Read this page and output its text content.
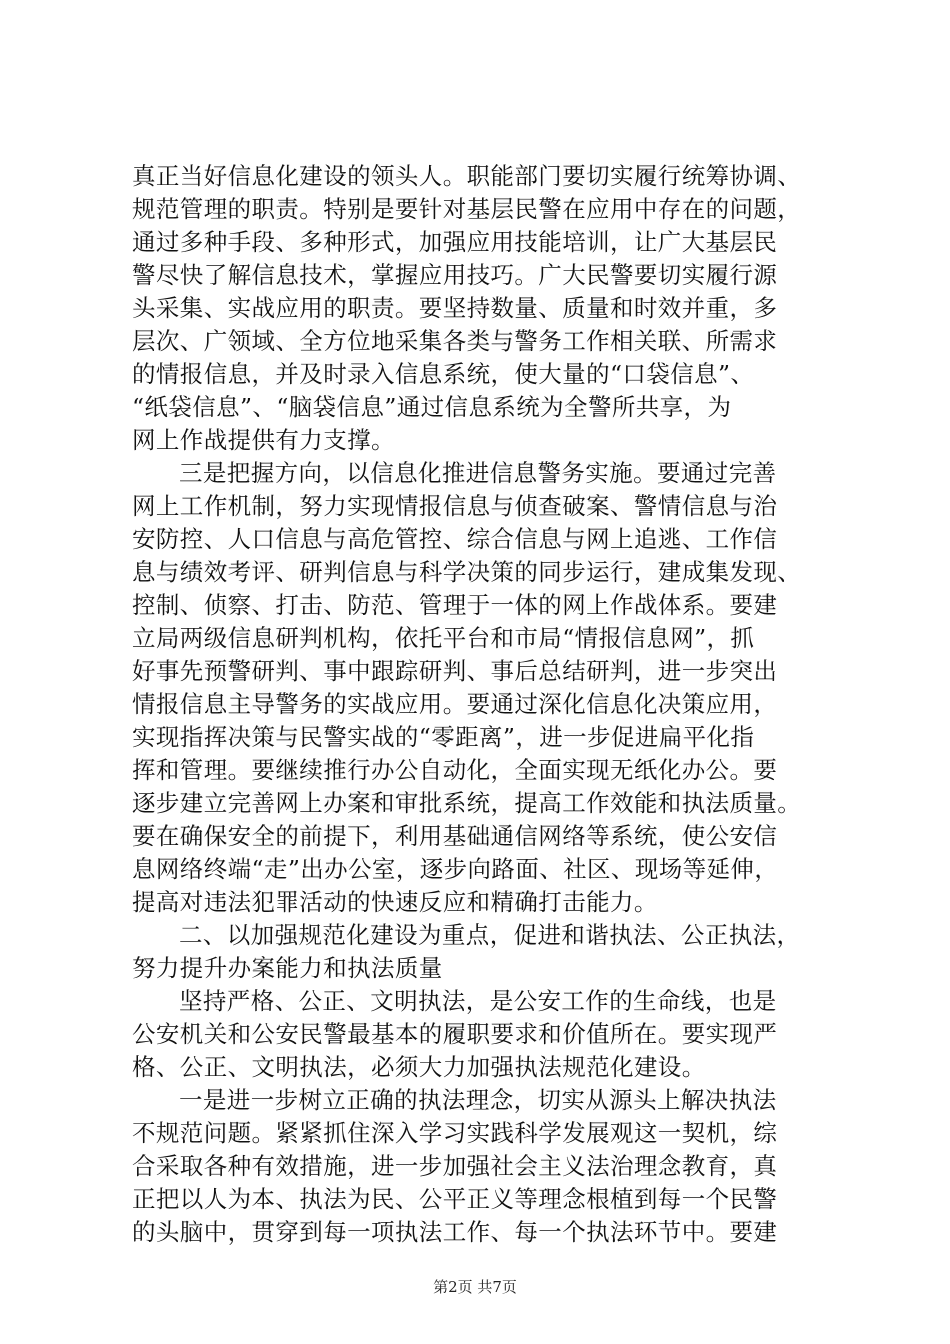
真正当好信息化建设的领头人。职能部门要切实履行统筹协调、
规范管理的职责。特别是要针对基层民警在应用中存在的问题，
通过多种手段、多种形式，加强应用技能培训，让广大基层民
警尽快了解信息技术，掌握应用技巧。广大民警要切实履行源
头采集、实战应用的职责。要坚持数量、质量和时效并重，多
层次、广领域、全方位地采集各类与警务工作相关联、所需求
的情报信息，并及时录入信息系统，使大量的“口袋信息”、
“纸袋信息”、“脑袋信息”通过信息系统为全警所共享，为
网上作战提供有力支撑。
三是把握方向，以信息化推进信息警务实施。要通过完善
网上工作机制，努力实现情报信息与侦查破案、警情信息与治
安防控、人口信息与高危管控、综合信息与网上追逃、工作信
息与绩效考评、研判信息与科学决策的同步运行，建成集发现、
控制、侦察、打击、防范、管理于一体的网上作战体系。要建
立局两级信息研判机构，依托平台和市局“情报信息网”，抓
好事先预警研判、事中跟踪研判、事后总结研判，进一步突出
情报信息主导警务的实战应用。要通过深化信息化决策应用，
实现指挥决策与民警实战的“零距离”，进一步促进扁平化指
挥和管理。要继续推行办公自动化，全面实现无纸化办公。要
逐步建立完善网上办案和审批系统，提高工作效能和执法质量。
要在确保安全的前提下，利用基础通信网络等系统，使公安信
息网络终端“走”出办公室，逐步向路面、社区、现场等延伸，
提高对违法犯罪活动的快速反应和精确打击能力。
二、以加强规范化建设为重点，促进和谐执法、公正执法，
努力提升办案能力和执法质量
坚持严格、公正、文明执法，是公安工作的生命线，也是
公安机关和公安民警最基本的履职要求和价值所在。要实现严
格、公正、文明执法，必须大力加强执法规范化建设。
一是进一步树立正确的执法理念，切实从源头上解决执法
不规范问题。紧紧抓住深入学习实践科学发展观这一契机，综
合采取各种有效措施，进一步加强社会主义法治理念教育，真
正把以人为本、执法为民、公平正义等理念根植到每一个民警
的头脑中，贯穿到每一项执法工作、每一个执法环节中。要建
第2页 共7页
